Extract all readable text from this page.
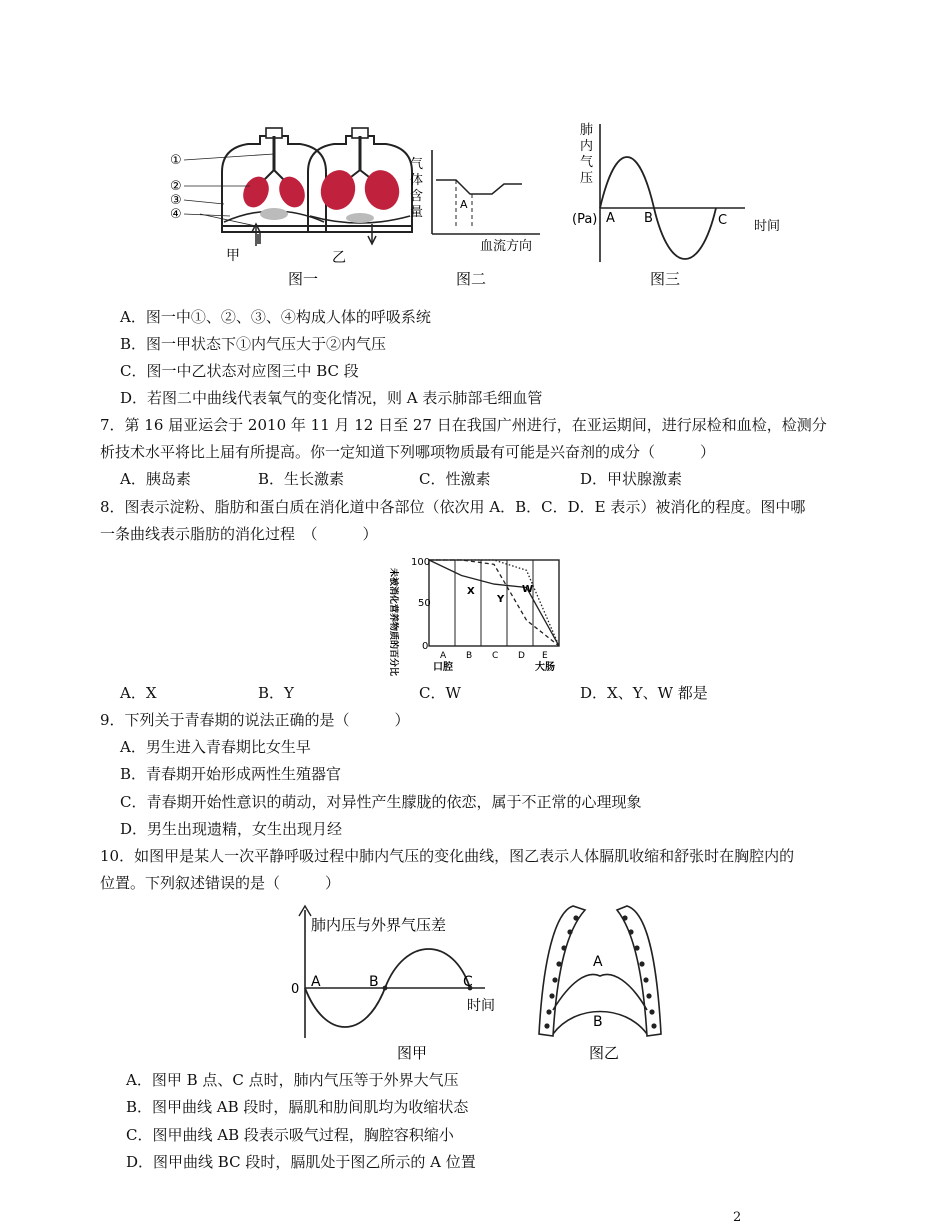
①
②
③
④
甲	乙
图一
气
体
含
量
A
血流方向
图二
肺
内
气
压
(Pa) A B	C 时间
图三
A．图一中①、②、③、④构成人体的呼吸系统
B．图一甲状态下①内气压大于②内气压
C．图一中乙状态对应图三中 BC 段
D．若图二中曲线代表氧气的变化情况，则 A 表示肺部毛细血管
7．第 16 届亚运会于 2010 年 11 月 12 日至 27 日在我国广州进行，在亚运期间，进行尿检和血检，检测分
析技术水平将比上届有所提高。你一定知道下列哪项物质最有可能是兴奋剂的成分（　　　）
A．胰岛素	B．生长激素	C．性激素	D．甲状腺激素
8．图表示淀粉、脂肪和蛋白质在消化道中各部位（依次用 A．B．C．D．E 表示）被消化的程度。图中哪
一条曲线表示脂肪的消化过程　（　　　）
100
50
0
A B C D E
口腔	大肠
X
Y
W
未被消化营养物质的百分比
A．X	B．Y	C．W	D．X、Y、W 都是
9．下列关于青春期的说法正确的是（　　　）
A．男生进入青春期比女生早
B．青春期开始形成两性生殖器官
C．青春期开始性意识的萌动，对异性产生朦胧的依恋，属于不正常的心理现象
D．男生出现遗精，女生出现月经
10．如图甲是某人一次平静呼吸过程中肺内气压的变化曲线，图乙表示人体膈肌收缩和舒张时在胸腔内的
位置。下列叙述错误的是（　　　）
肺内压与外界气压差
0 A	B	C
时间
图甲
A
B
图乙
A．图甲 B 点、C 点时，肺内气压等于外界大气压
B．图甲曲线 AB 段时，膈肌和肋间肌均为收缩状态
C．图甲曲线 AB 段表示吸气过程，胸腔容积缩小
D．图甲曲线 BC 段时，膈肌处于图乙所示的 A 位置
2
